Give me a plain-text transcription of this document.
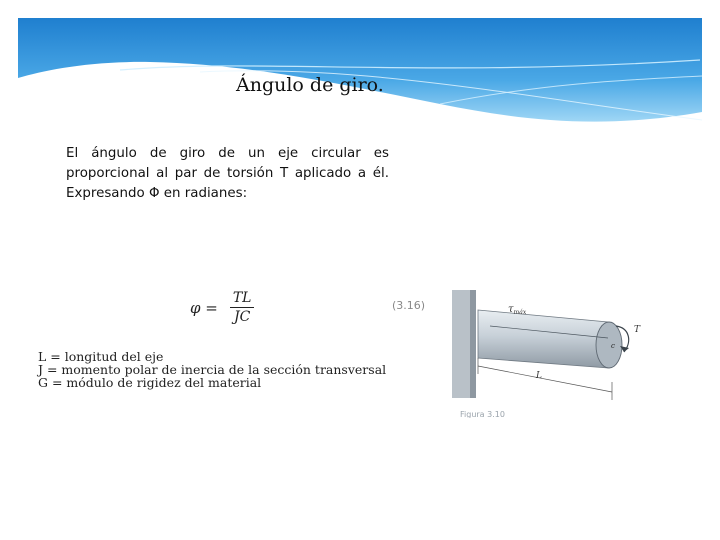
Ángulo de giro.

El ángulo de giro de un eje circular es proporcional al par de torsión T aplicado a él. Expresando Φ en radianes:

$\varphi = \frac{TL}{JC}$	(3.16)
L = longitud del eje
J = momento polar de inercia de la sección transversal
G = módulo de rigidez del material
$\tau_{máx}$
T
L
c
Figura 3.10
